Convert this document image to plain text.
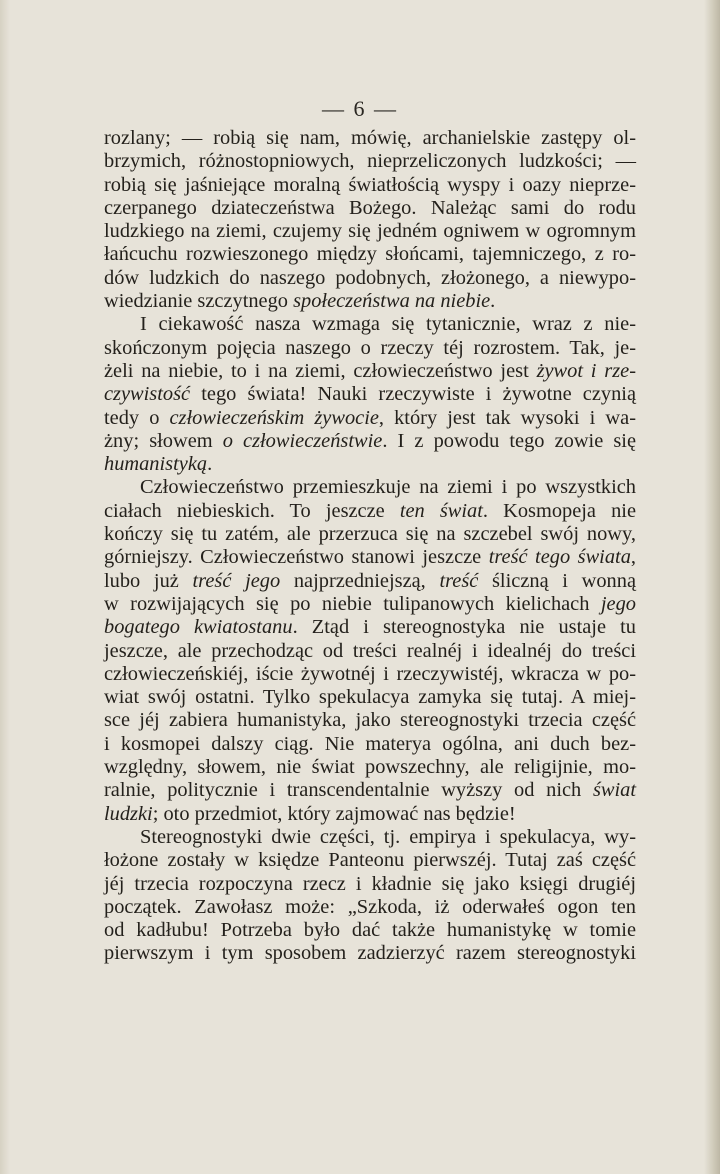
— 6 —
rozlany; — robią się nam, mówię, archanielskie zastępy ol-
brzymich, różnostopniowych, nieprzeliczonych ludzkości; —
robią się jaśniejące moralną światłością wyspy i oazy nieprze-
czerpanego dziateczeństwa Bożego. Należąc sami do rodu
ludzkiego na ziemi, czujemy się jedném ogniwem w ogromnym
łańcuchu rozwieszonego między słońcami, tajemniczego, z ro-
dów ludzkich do naszego podobnych, złożonego, a niewypo-
wiedzianie szczytnego społeczeństwa na niebie.
I ciekawość nasza wzmaga się tytanicznie, wraz z nie-
skończonym pojęcia naszego o rzeczy téj rozrostem. Tak, je-
żeli na niebie, to i na ziemi, człowieczeństwo jest żywot i rze-
czywistość tego świata! Nauki rzeczywiste i żywotne czynią
tedy o człowieczeńskim żywocie, który jest tak wysoki i wa-
żny; słowem o człowieczeństwie. I z powodu tego zowie się
humanistyką.
Człowieczeństwo przemieszkuje na ziemi i po wszystkich
ciałach niebieskich. To jeszcze ten świat. Kosmopeja nie
kończy się tu zatém, ale przerzuca się na szczebel swój nowy,
górniejszy. Człowieczeństwo stanowi jeszcze treść tego świata,
lubo już treść jego najprzedniejszą, treść śliczną i wonną
w rozwijających się po niebie tulipanowych kielichach jego
bogatego kwiatostanu. Ztąd i stereognostyka nie ustaje tu
jeszcze, ale przechodząc od treści realnéj i idealnéj do treści
człowieczeńskiéj, iście żywotnéj i rzeczywistéj, wkracza w po-
wiat swój ostatni. Tylko spekulacya zamyka się tutaj. A miej-
sce jéj zabiera humanistyka, jako stereognostyki trzecia część
i kosmopei dalszy ciąg. Nie materya ogólna, ani duch bez-
względny, słowem, nie świat powszechny, ale religijnie, mo-
ralnie, politycznie i transcendentalnie wyższy od nich świat
ludzki; oto przedmiot, który zajmować nas będzie!
Stereognostyki dwie części, tj. empirya i spekulacya, wy-
łożone zostały w księdze Panteonu pierwszéj. Tutaj zaś część
jéj trzecia rozpoczyna rzecz i kładnie się jako księgi drugiéj
początek. Zawołasz może: „Szkoda, iż oderwałeś ogon ten
od kadłubu! Potrzeba było dać także humanistykę w tomie
pierwszym i tym sposobem zadzierzyć razem stereognostyki
